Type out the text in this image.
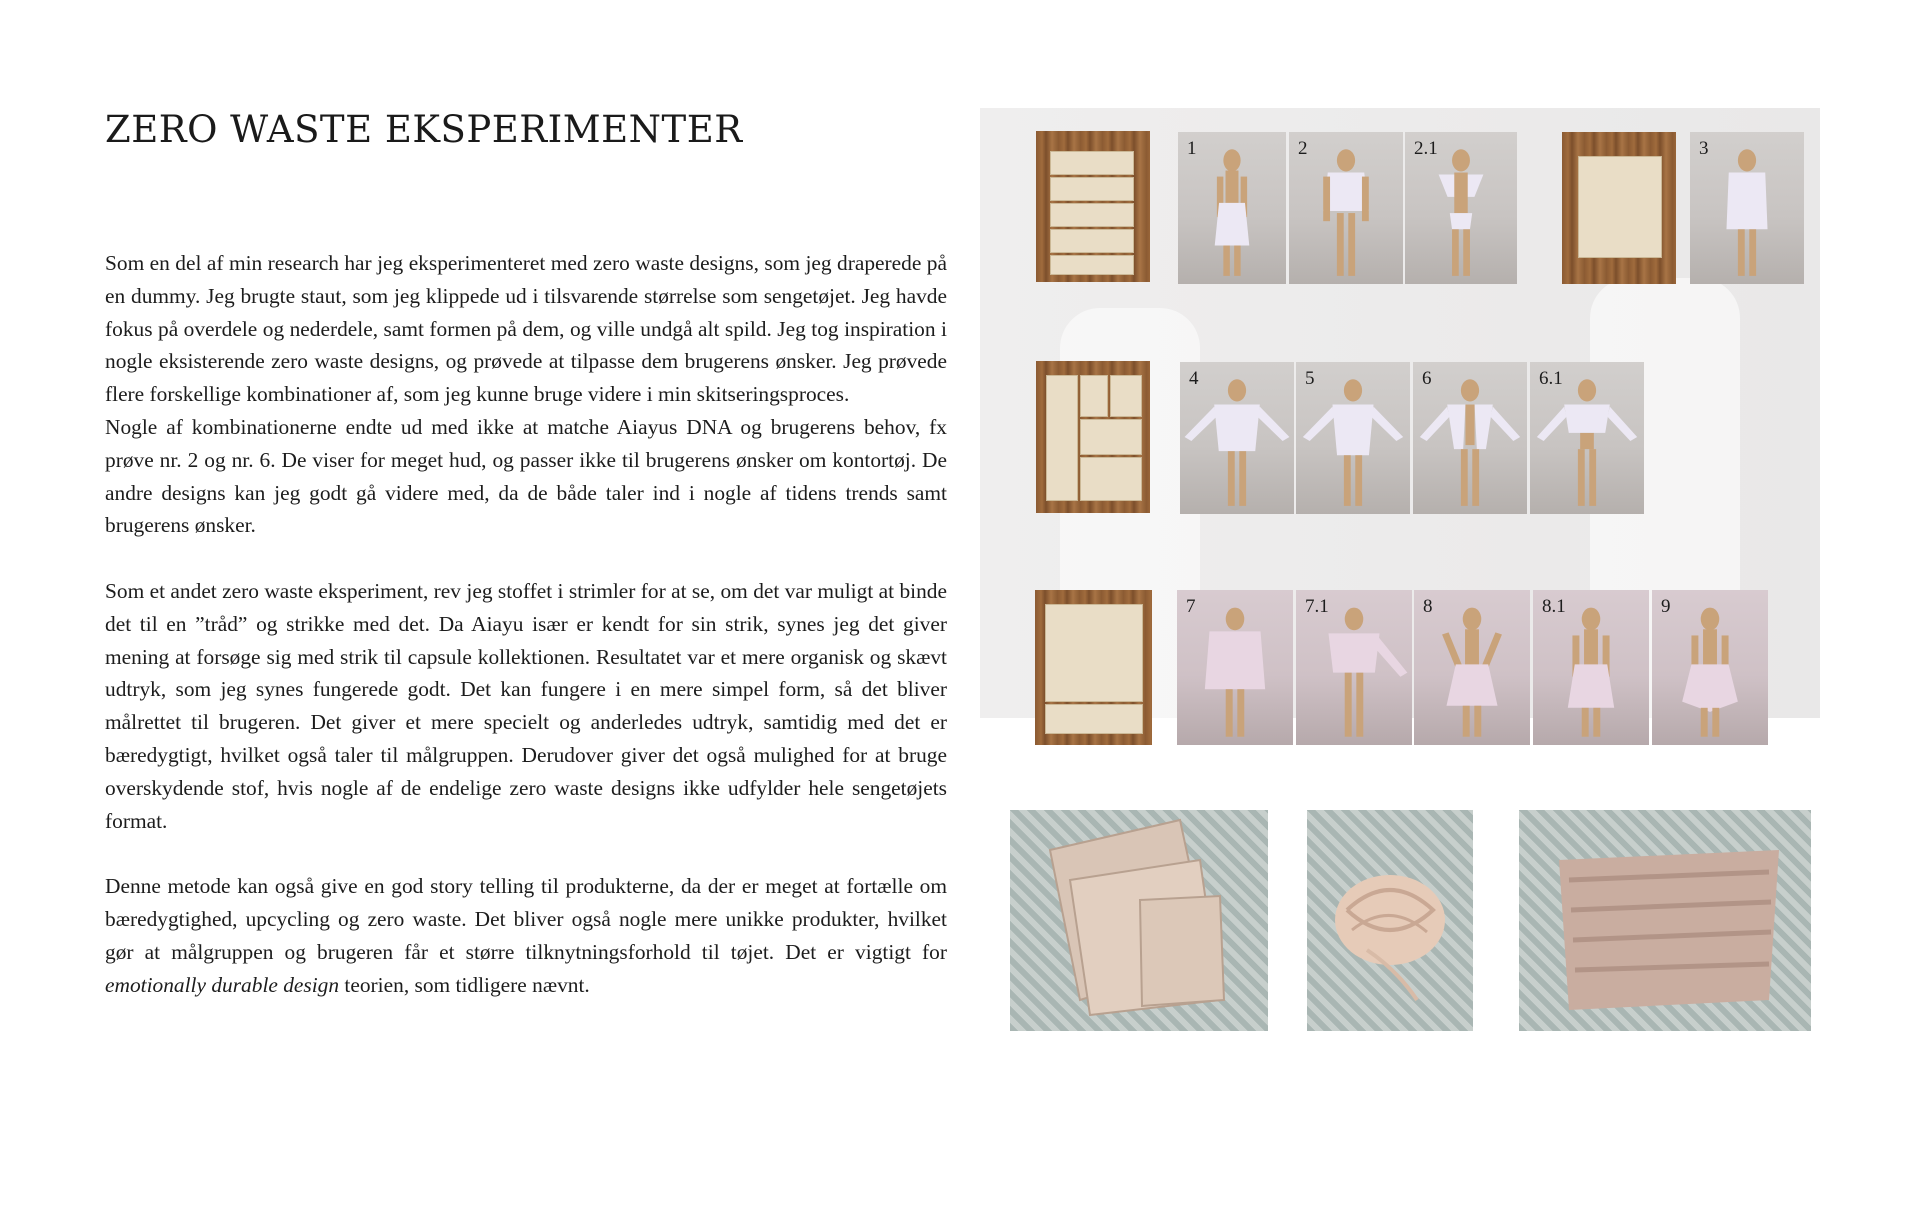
ZERO WASTE EKSPERIMENTER

Som en del af min research har jeg eksperimenteret med zero waste designs, som jeg draperede på en dummy. Jeg brugte staut, som jeg klippede ud i tilsvarende størrelse som sengetøjet. Jeg havde fokus på overdele og nederdele, samt formen på dem, og ville undgå alt spild. Jeg tog inspiration i nogle eksisterende zero waste designs, og prøvede at tilpasse dem brugerens ønsker. Jeg prøvede flere forskellige kombinationer af, som jeg kunne bruge videre i min skitseringsproces.

Nogle af kombinationerne endte ud med ikke at matche Aiayus DNA og brugerens behov, fx prøve nr. 2 og nr. 6. De viser for meget hud, og passer ikke til brugerens ønsker om kontortøj. De andre designs kan jeg godt gå videre med, da de både taler ind i nogle af tidens trends samt brugerens ønsker.

Som et andet zero waste eksperiment, rev jeg stoffet i strimler for at se, om det var muligt at binde det til en ”tråd” og strikke med det. Da Aiayu især er kendt for sin strik, synes jeg det giver mening at forsøge sig med strik til capsule kollektionen. Resultatet var et mere organisk og skævt udtryk, som jeg synes fungerede godt. Det kan fungere i en mere simpel form, så det bliver målrettet til brugeren. Det giver et mere specielt og anderledes udtryk, samtidig med det er bæredygtigt, hvilket også taler til målgruppen. Derudover giver det også mulighed for at bruge overskydende stof, hvis nogle af de endelige zero waste designs ikke udfylder hele sengetøjets format.

Denne metode kan også give en god story telling til produkterne, da der er meget at fortælle om bæredygtighed, upcycling og zero waste. Det bliver også nogle mere unikke produkter, hvilket gør at målgruppen og brugeren får et større tilknytningsforhold til tøjet. Det er vigtigt for emotionally durable design teorien, som tidligere nævnt.

1	2	2.1	3
4	5	6	6.1
7	7.1	8	8.1	9
